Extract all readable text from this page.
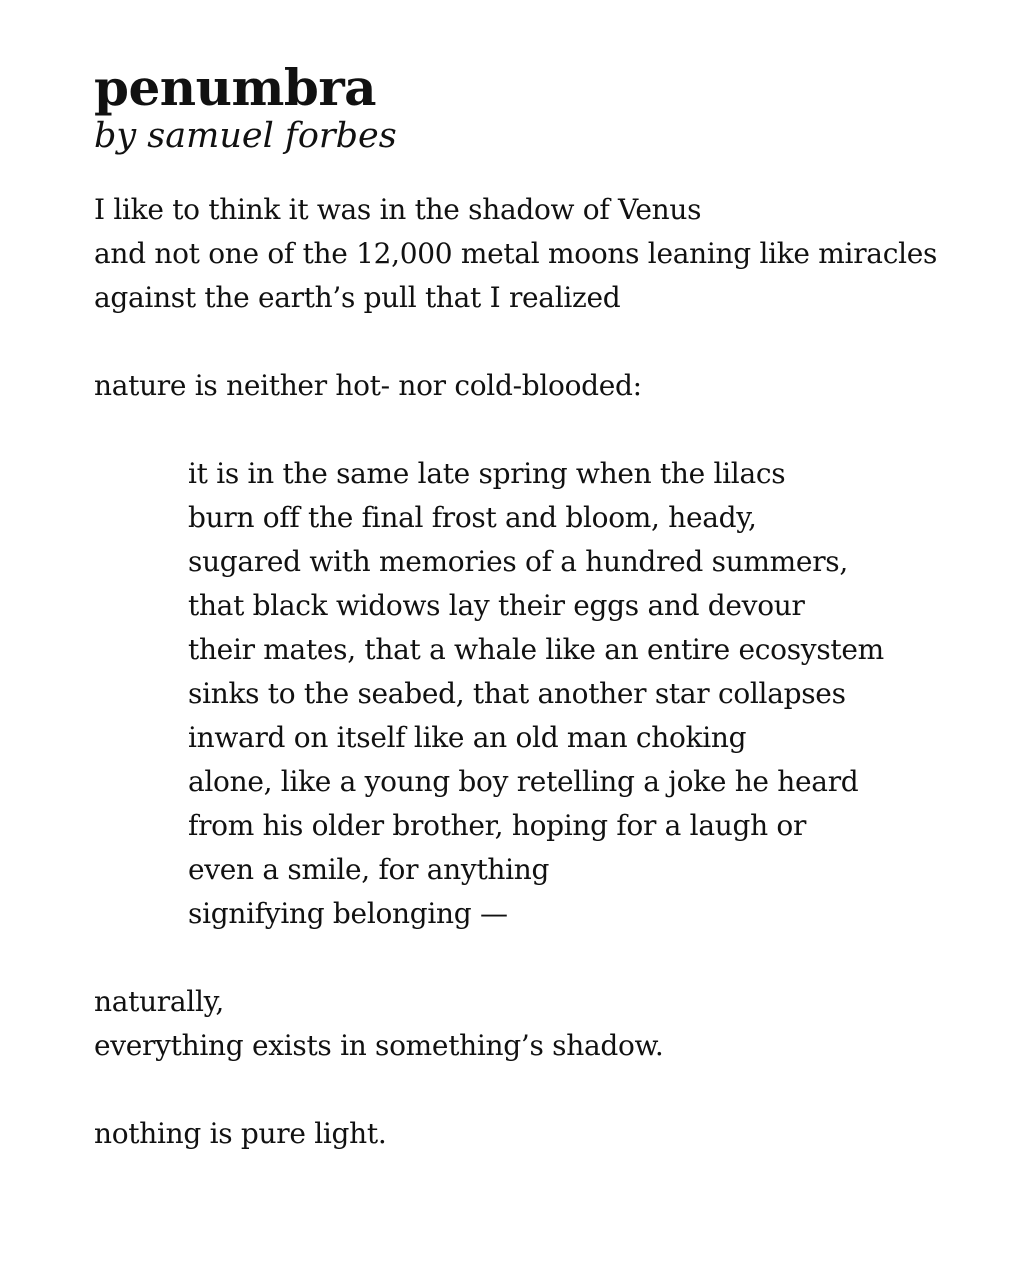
penumbra
by samuel forbes
I like to think it was in the shadow of Venus
and not one of the 12,000 metal moons leaning like miracles
against the earth’s pull that I realized
nature is neither hot- nor cold-blooded:
it is in the same late spring when the lilacs
burn off the final frost and bloom, heady,
sugared with memories of a hundred summers,
that black widows lay their eggs and devour
their mates, that a whale like an entire ecosystem
sinks to the seabed, that another star collapses
inward on itself like an old man choking
alone, like a young boy retelling a joke he heard
from his older brother, hoping for a laugh or
even a smile, for anything
signifying belonging —
naturally,
everything exists in something’s shadow.
nothing is pure light.
